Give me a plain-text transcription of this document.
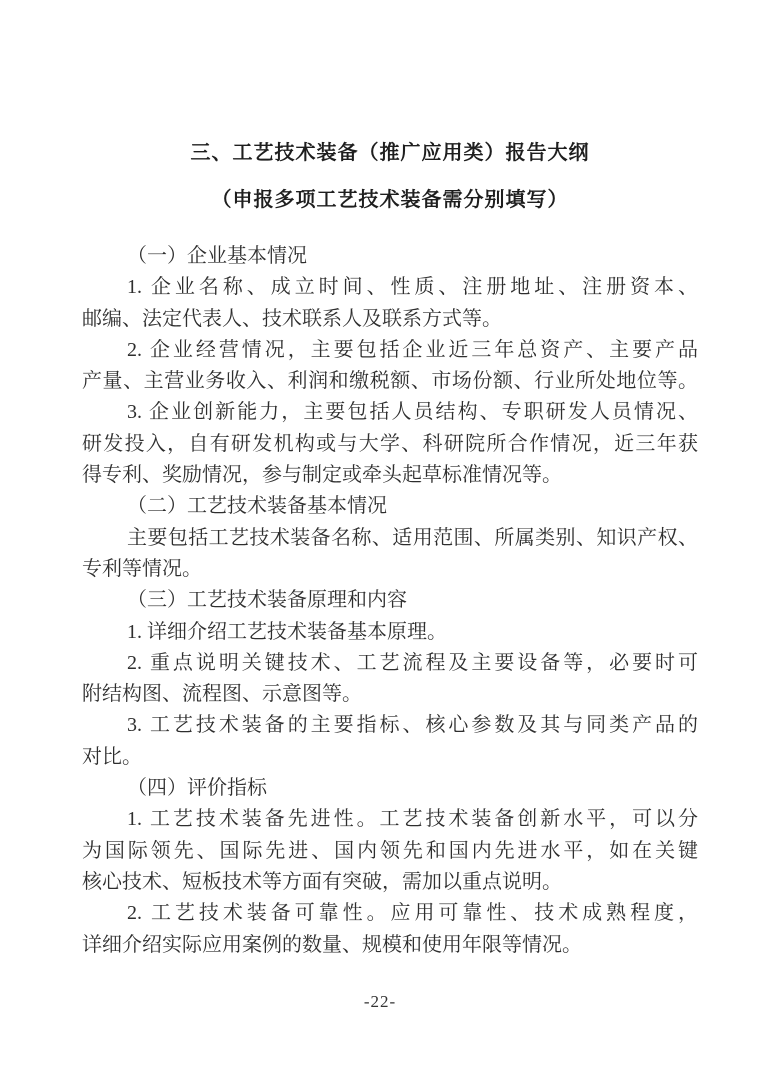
三、工艺技术装备（推广应用类）报告大纲
（申报多项工艺技术装备需分别填写）
（一）企业基本情况
1. 企业名称、成立时间、性质、注册地址、注册资本、
邮编、法定代表人、技术联系人及联系方式等。
2. 企业经营情况，主要包括企业近三年总资产、主要产品
产量、主营业务收入、利润和缴税额、市场份额、行业所处地位等。
3. 企业创新能力，主要包括人员结构、专职研发人员情况、
研发投入，自有研发机构或与大学、科研院所合作情况，近三年获
得专利、奖励情况，参与制定或牵头起草标准情况等。
（二）工艺技术装备基本情况
主要包括工艺技术装备名称、适用范围、所属类别、知识产权、
专利等情况。
（三）工艺技术装备原理和内容
1. 详细介绍工艺技术装备基本原理。
2. 重点说明关键技术、工艺流程及主要设备等，必要时可
附结构图、流程图、示意图等。
3. 工艺技术装备的主要指标、核心参数及其与同类产品的
对比。
（四）评价指标
1. 工艺技术装备先进性。工艺技术装备创新水平，可以分
为国际领先、国际先进、国内领先和国内先进水平，如在关键
核心技术、短板技术等方面有突破，需加以重点说明。
2. 工艺技术装备可靠性。应用可靠性、技术成熟程度，
详细介绍实际应用案例的数量、规模和使用年限等情况。
-22-
